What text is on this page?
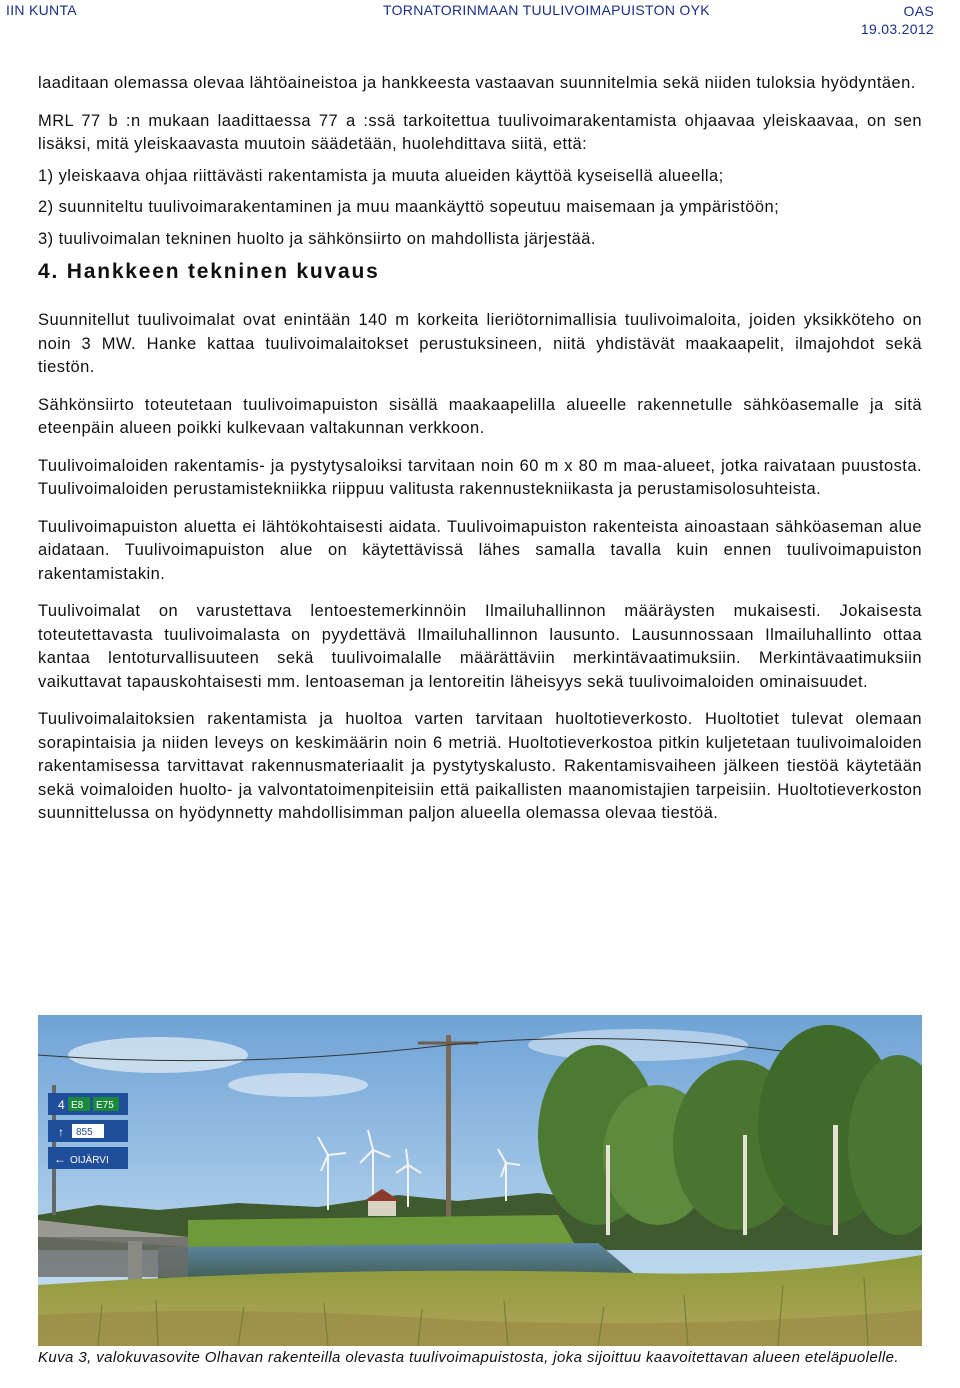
IIN KUNTA	TORNATORINMAAN TUULIVOIMAPUISTON OYK	OAS
19.03.2012

laaditaan olemassa olevaa lähtöaineistoa ja hankkeesta vastaavan suunnitelmia sekä niiden tuloksia hyödyntäen.

MRL 77 b :n mukaan laadittaessa 77 a :ssä tarkoitettua tuulivoimarakentamista ohjaavaa yleiskaavaa, on sen lisäksi, mitä yleiskaavasta muutoin säädetään, huolehdittava siitä, että:

1) yleiskaava ohjaa riittävästi rakentamista ja muuta alueiden käyttöä kyseisellä alueella;

2) suunniteltu tuulivoimarakentaminen ja muu maankäyttö sopeutuu maisemaan ja ympäristöön;

3) tuulivoimalan tekninen huolto ja sähkönsiirto on mahdollista järjestää.

4. Hankkeen tekninen kuvaus

Suunnitellut tuulivoimalat ovat enintään 140 m korkeita lieriötornimallisia tuulivoimaloita, joiden yksikköteho on noin 3 MW. Hanke kattaa tuulivoimalaitokset perustuksineen, niitä yhdistävät maakaapelit, ilmajohdot sekä tiestön.

Sähkönsiirto toteutetaan tuulivoimapuiston sisällä maakaapelilla alueelle rakennetulle sähköasemalle ja sitä eteenpäin alueen poikki kulkevaan valtakunnan verkkoon.

Tuulivoimaloiden rakentamis- ja pystytysaloiksi tarvitaan noin 60 m x 80 m maa-alueet, jotka raivataan puustosta. Tuulivoimaloiden perustamistekniikka riippuu valitusta rakennustekniikasta ja perustamisolosuhteista.

Tuulivoimapuiston aluetta ei lähtökohtaisesti aidata. Tuulivoimapuiston rakenteista ainoastaan sähköaseman alue aidataan. Tuulivoimapuiston alue on käytettävissä lähes samalla tavalla kuin ennen tuulivoimapuiston rakentamistakin.

Tuulivoimalat on varustettava lentoestemerkinnöin Ilmailuhallinnon määräysten mukaisesti. Jokaisesta toteutettavasta tuulivoimalasta on pyydettävä Ilmailuhallinnon lausunto. Lausunnossaan Ilmailuhallinto ottaa kantaa lentoturvallisuuteen sekä tuulivoimalalle määrättäviin merkintävaatimuksiin. Merkintävaatimuksiin vaikuttavat tapauskohtaisesti mm. lentoaseman ja lentoreitin läheisyys sekä tuulivoimaloiden ominaisuudet.

Tuulivoimalaitoksien rakentamista ja huoltoa varten tarvitaan huoltotieverkosto. Huoltotiet tulevat olemaan sorapintaisia ja niiden leveys on keskimäärin noin 6 metriä. Huoltotieverkostoa pitkin kuljetetaan tuulivoimaloiden rakentamisessa tarvittavat rakennusmateriaalit ja pystytyskalusto. Rakentamisvaiheen jälkeen tiestöä käytetään sekä voimaloiden huolto- ja valvontatoimenpiteisiin että paikallisten maanomistajien tarpeisiin. Huoltotieverkoston suunnittelussa on hyödynnetty mahdollisimman paljon alueella olemassa olevaa tiestöä.

4 E8 E75
↑ 855
← OIJÄRVI
Kuva 3, valokuvasovite Olhavan rakenteilla olevasta tuulivoimapuistosta, joka sijoittuu kaavoitettavan alueen eteläpuolelle.
